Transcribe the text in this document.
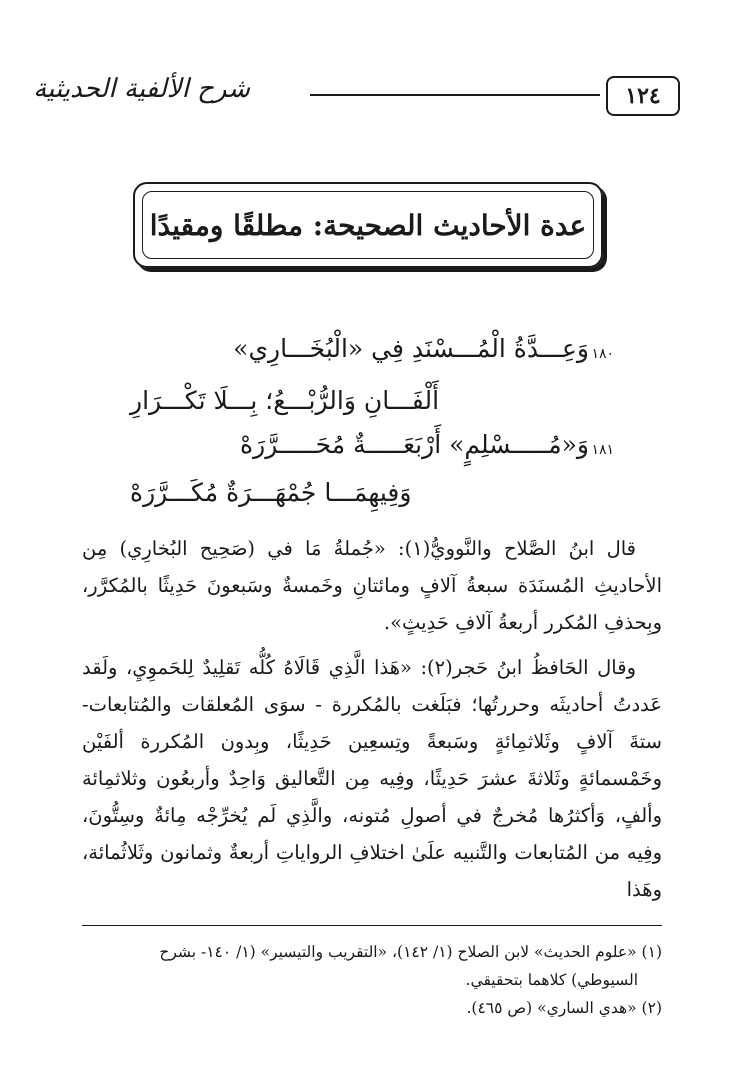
١٢٤
شرح الألفية الحديثية
عدة الأحاديث الصحيحة: مطلقًا ومقيدًا
١٨٠
وَعِـــدَّةُ الْمُـــسْنَدِ فِي «الْبُخَـــارِي»
أَلْفَـــانِ وَالرُّبْـــعُ؛ بِـــلَا تَكْـــرَارِ
١٨١
وَ«مُـــــسْلِمٍ» أَرْبَعَـــــةٌ مُحَـــــرَّرَهْ
وَفِيهِمَـــا جُمْهَـــرَةٌ مُكَـــرَّرَهْ

قال ابنُ الصَّلاح والنَّوويُّ(١): «جُملةُ مَا في (صَحِيح البُخارِي) مِن الأحاديثِ المُسنَدَة سبعةُ آلافٍ ومائتانِ وخَمسةٌ وسَبعونَ حَدِيثًا بالمُكرَّر، وبِحذفِ المُكرر أربعةُ آلافِ حَدِيثٍ».

وقال الحَافظُ ابنُ حَجر(٢): «هَذا الَّذِي قَالَاهُ كُلُّه تَقلِيدٌ لِلحَموِيِ، ولَقد عَددتُ أحاديثَه وحررتُها؛ فبَلَغت بالمُكررة - سوَى المُعلقات والمُتابعات- ستةَ آلافٍ وثَلاثمِائةٍ وسَبعةً وتِسعِين حَدِيثًا، وبِدون المُكررة ألفَيْن وخَمْسمائةٍ وثَلاثةَ عشرَ حَدِيثًا، وفِيه مِن التَّعاليق وَاحِدٌ وأربعُون وثلاثمِائة وألفٍ، وَأكثرُها مُخرجٌ في أصولِ مُتونه، والَّذِي لَم يُخرِّجْه مِائةٌ وسِتُّونَ، وفِيه من المُتابعات والتَّنبيه علَىٰ اختلافِ الرواياتِ أربعةٌ وثمانون وثَلاثُمائة، وهَذا

(١) «علوم الحديث» لابن الصلاح (١/ ١٤٢)، «التقريب والتيسير» (١/ ١٤٠- بشرح

السيوطي) كلاهما بتحقيقي.

(٢) «هدي الساري» (ص ٤٦٥).
